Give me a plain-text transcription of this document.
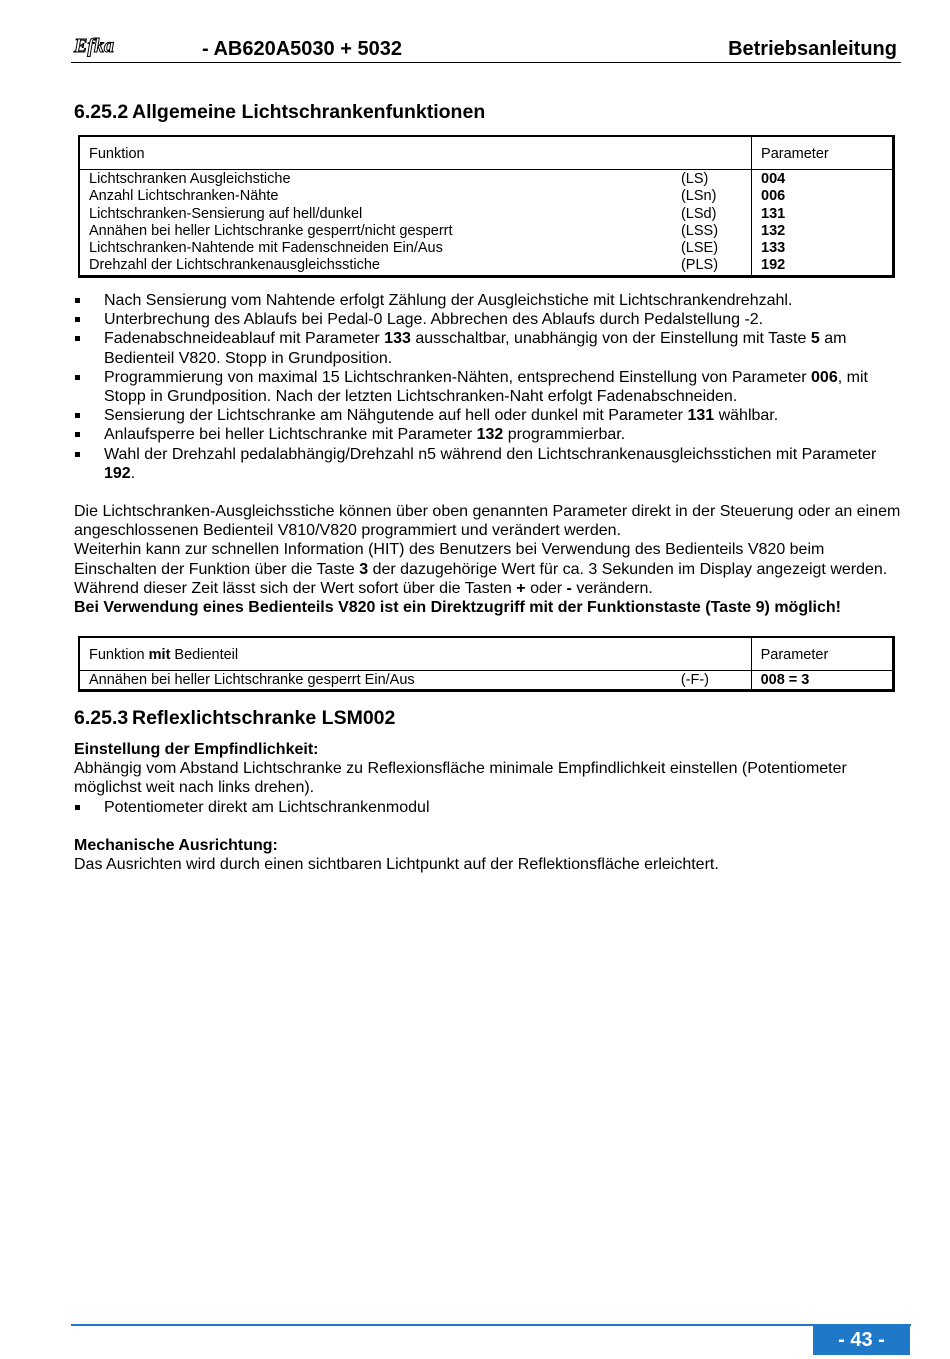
Efka	- AB620A5030 + 5032	Betriebsanleitung
6.25.2 Allgemeine Lichtschrankenfunktionen
Funktion		Parameter
Lichtschranken Ausgleichstiche	(LS)	004
Anzahl Lichtschranken-Nähte	(LSn)	006
Lichtschranken-Sensierung auf hell/dunkel	(LSd)	131
Annähen bei heller Lichtschranke gesperrt/nicht gesperrt	(LSS)	132
Lichtschranken-Nahtende mit Fadenschneiden Ein/Aus	(LSE)	133
Drehzahl der Lichtschrankenausgleichsstiche	(PLS)	192
Nach Sensierung vom Nahtende erfolgt Zählung der Ausgleichstiche mit Lichtschrankendrehzahl.
Unterbrechung des Ablaufs bei Pedal-0 Lage. Abbrechen des Ablaufs durch Pedalstellung -2.
Fadenabschneideablauf mit Parameter 133 ausschaltbar, unabhängig von der Einstellung mit Taste 5 am Bedienteil V820. Stopp in Grundposition.
Programmierung von maximal 15 Lichtschranken-Nähten, entsprechend Einstellung von Parameter 006, mit Stopp in Grundposition. Nach der letzten Lichtschranken-Naht erfolgt Fadenabschneiden.
Sensierung der Lichtschranke am Nähgutende auf hell oder dunkel mit Parameter 131 wählbar.
Anlaufsperre bei heller Lichtschranke mit Parameter 132 programmierbar.
Wahl der Drehzahl pedalabhängig/Drehzahl n5 während den Lichtschrankenausgleichsstichen mit Parameter 192.

Die Lichtschranken-Ausgleichsstiche können über oben genannten Parameter direkt in der Steuerung oder an einem angeschlossenen Bedienteil V810/V820 programmiert und verändert werden.

Weiterhin kann zur schnellen Information (HIT) des Benutzers bei Verwendung des Bedienteils V820 beim Einschalten der Funktion über die Taste 3 der dazugehörige Wert für ca. 3 Sekunden im Display angezeigt werden. Während dieser Zeit lässt sich der Wert sofort über die Tasten + oder - verändern.

Bei Verwendung eines Bedienteils V820 ist ein Direktzugriff mit der Funktionstaste (Taste 9) möglich!

Funktion mit Bedienteil		Parameter
Annähen bei heller Lichtschranke gesperrt Ein/Aus	(-F-)	008 = 3
6.25.3 Reflexlichtschranke LSM002

Einstellung der Empfindlichkeit:

Abhängig vom Abstand Lichtschranke zu Reflexionsfläche minimale Empfindlichkeit einstellen (Potentiometer möglichst weit nach links drehen).

Potentiometer direkt am Lichtschrankenmodul

Mechanische Ausrichtung:

Das Ausrichten wird durch einen sichtbaren Lichtpunkt auf der Reflektionsfläche erleichtert.

- 43 -
